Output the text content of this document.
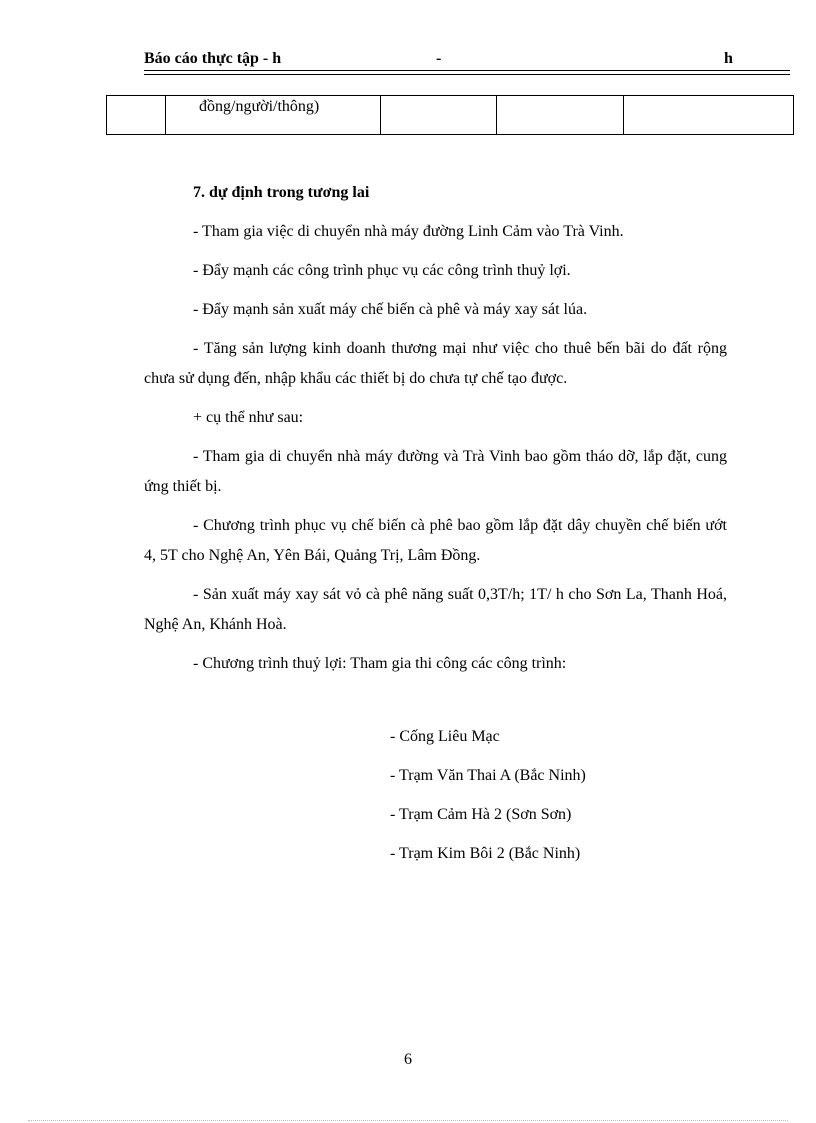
Báo cáo thực tập - h	-	h
	đồng/người/thông)			

7. dự định trong tương lai

- Tham gia việc di chuyển nhà máy đường Linh Cảm vào Trà Vinh.

- Đẩy mạnh các công trình phục vụ các công trình thuỷ lợi.

- Đẩy mạnh sản xuất máy chế biến cà phê và máy xay sát lúa.

- Tăng sản lượng kinh doanh thương mại như việc cho thuê bến bãi do đất rộng chưa sử dụng đến, nhập khẩu các thiết bị do chưa tự chế tạo được.

+ cụ thể như sau:

- Tham gia di chuyển nhà máy đường và Trà Vinh bao gồm tháo dỡ, lắp đặt, cung ứng thiết bị.

- Chương trình phục vụ chế biến cà phê bao gồm lắp đặt dây chuyền chế biến ướt 4, 5T cho Nghệ An, Yên Bái, Quảng Trị, Lâm Đồng.

- Sản xuất máy xay sát vỏ cà phê năng suất 0,3T/h; 1T/ h cho Sơn La, Thanh Hoá, Nghệ An, Khánh Hoà.

- Chương trình thuỷ lợi: Tham gia thi công các công trình:

- Cống Liêu Mạc
- Trạm Văn Thai A (Bắc Ninh)
- Trạm Cảm Hà 2 (Sơn Sơn)
- Trạm Kim Bôi 2 (Bắc Ninh)
6
